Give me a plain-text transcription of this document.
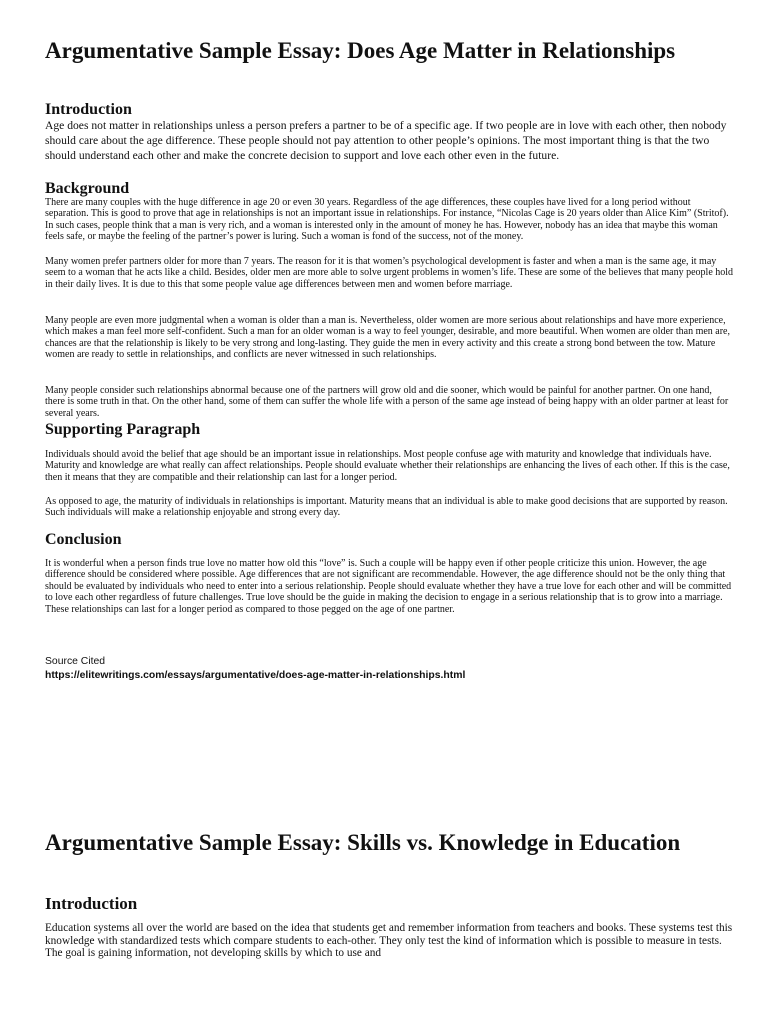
Argumentative Sample Essay: Does Age Matter in Relationships
Introduction

Age does not matter in relationships unless a person prefers a partner to be of a specific age. If two people are in love with each other, then nobody should care about the age difference. These people should not pay attention to other people’s opinions. The most important thing is that the two should understand each other and make the concrete decision to support and love each other even in the future.

Background

There are many couples with the huge difference in age 20 or even 30 years. Regardless of the age differences, these couples have lived for a long period without separation. This is good to prove that age in relationships is not an important issue in relationships. For instance, “Nicolas Cage is 20 years older than Alice Kim” (Stritof). In such cases, people think that a man is very rich, and a woman is interested only in the amount of money he has. However, nobody has an idea that maybe this woman feels safe, or maybe the feeling of the partner’s power is luring. Such a woman is fond of the success, not of the money.

Many women prefer partners older for more than 7 years. The reason for it is that women’s psychological development is faster and when a man is the same age, it may seem to a woman that he acts like a child. Besides, older men are more able to solve urgent problems in women’s life. These are some of the believes that many people hold in their daily lives. It is due to this that some people value age differences between men and women before marriage.

Many people are even more judgmental when a woman is older than a man is. Nevertheless, older women are more serious about relationships and have more experience, which makes a man feel more self-confident. Such a man for an older woman is a way to feel younger, desirable, and more beautiful. When women are older than men are, chances are that the relationship is likely to be very strong and long-lasting. They guide the men in every activity and this create a strong bond between the tow. Mature women are ready to settle in relationships, and conflicts are never witnessed in such relationships.

Many people consider such relationships abnormal because one of the partners will grow old and die sooner, which would be painful for another partner. On one hand, there is some truth in that. On the other hand, some of them can suffer the whole life with a person of the same age instead of being happy with an older partner at least for several years.

Supporting Paragraph

Individuals should avoid the belief that age should be an important issue in relationships. Most people confuse age with maturity and knowledge that individuals have. Maturity and knowledge are what really can affect relationships. People should evaluate whether their relationships are enhancing the lives of each other. If this is the case, then it means that they are compatible and their relationship can last for a longer period.

As opposed to age, the maturity of individuals in relationships is important. Maturity means that an individual is able to make good decisions that are supported by reason. Such individuals will make a relationship enjoyable and strong every day.

Conclusion

It is wonderful when a person finds true love no matter how old this “love” is. Such a couple will be happy even if other people criticize this union. However, the age difference should be considered where possible. Age differences that are not significant are recommendable. However, the age difference should not be the only thing that should be evaluated by individuals who need to enter into a serious relationship. People should evaluate whether they have a true love for each other and will be committed to love each other regardless of future challenges. True love should be the guide in making the decision to engage in a serious relationship that is to grow into a marriage. These relationships can last for a longer period as compared to those pegged on the age of one partner.

Source Cited
https://elitewritings.com/essays/argumentative/does-age-matter-in-relationships.html
Argumentative Sample Essay: Skills vs. Knowledge in Education
Introduction

Education systems all over the world are based on the idea that students get and remember information from teachers and books. These systems test this knowledge with standardized tests which compare students to each-other. They only test the kind of information which is possible to measure in tests. The goal is gaining information, not developing skills by which to use and
